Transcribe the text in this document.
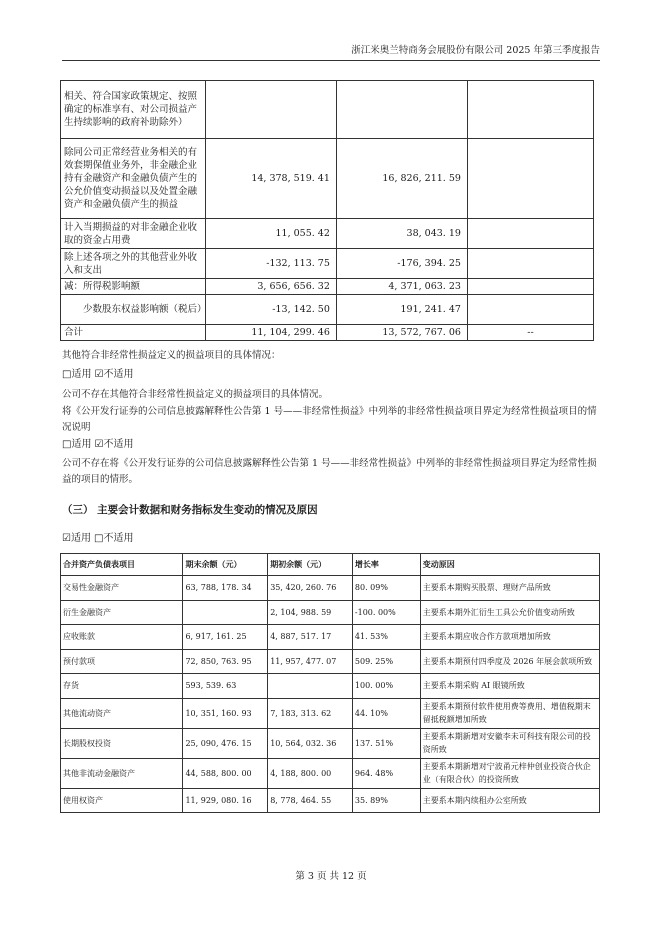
浙江米奥兰特商务会展股份有限公司 2025 年第三季度报告
相关、符合国家政策规定、按照确定的标准享有、对公司损益产生持续影响的政府补助除外）			
除同公司正常经营业务相关的有效套期保值业务外，非金融企业持有金融资产和金融负债产生的公允价值变动损益以及处置金融资产和金融负债产生的损益	14, 378, 519. 41	16, 826, 211. 59	
计入当期损益的对非金融企业收取的资金占用费	11, 055. 42	38, 043. 19	
除上述各项之外的其他营业外收入和支出	-132, 113. 75	-176, 394. 25	
减：所得税影响额	3, 656, 656. 32	4, 371, 063. 23	
少数股东权益影响额（税后）	-13, 142. 50	191, 241. 47	
合计	11, 104, 299. 46	13, 572, 767. 06	--
其他符合非经常性损益定义的损益项目的具体情况：
□适用 ☑不适用
公司不存在其他符合非经常性损益定义的损益项目的具体情况。
将《公开发行证券的公司信息披露解释性公告第 1 号——非经常性损益》中列举的非经常性损益项目界定为经常性损益项目的情况说明
□适用 ☑不适用
公司不存在将《公开发行证券的公司信息披露解释性公告第 1 号——非经常性损益》中列举的非经常性损益项目界定为经常性损益的项目的情形。
（三） 主要会计数据和财务指标发生变动的情况及原因
☑适用 □不适用
合并资产负债表项目	期末余额（元）	期初余额（元）	增长率	变动原因
交易性金融资产	63, 788, 178. 34	35, 420, 260. 76	80. 09%	主要系本期购买股票、理财产品所致
衍生金融资产		2, 104, 988. 59	-100. 00%	主要系本期外汇衍生工具公允价值变动所致
应收账款	6, 917, 161. 25	4, 887, 517. 17	41. 53%	主要系本期应收合作方款项增加所致
预付款项	72, 850, 763. 95	11, 957, 477. 07	509. 25%	主要系本期预付四季度及 2026 年展会款项所致
存货	593, 539. 63		100. 00%	主要系本期采购 AI 眼镜所致
其他流动资产	10, 351, 160. 93	7, 183, 313. 62	44. 10%	主要系本期预付软件使用费等费用、增值税期末留抵税额增加所致
长期股权投资	25, 090, 476. 15	10, 564, 032. 36	137. 51%	主要系本期新增对安徽李未可科技有限公司的投资所致
其他非流动金融资产	44, 588, 800. 00	4, 188, 800. 00	964. 48%	主要系本期新增对宁波甬元梓仲创业投资合伙企业（有限合伙）的投资所致
使用权资产	11, 929, 080. 16	8, 778, 464. 55	35. 89%	主要系本期内续租办公室所致
第 3 页 共 12 页
